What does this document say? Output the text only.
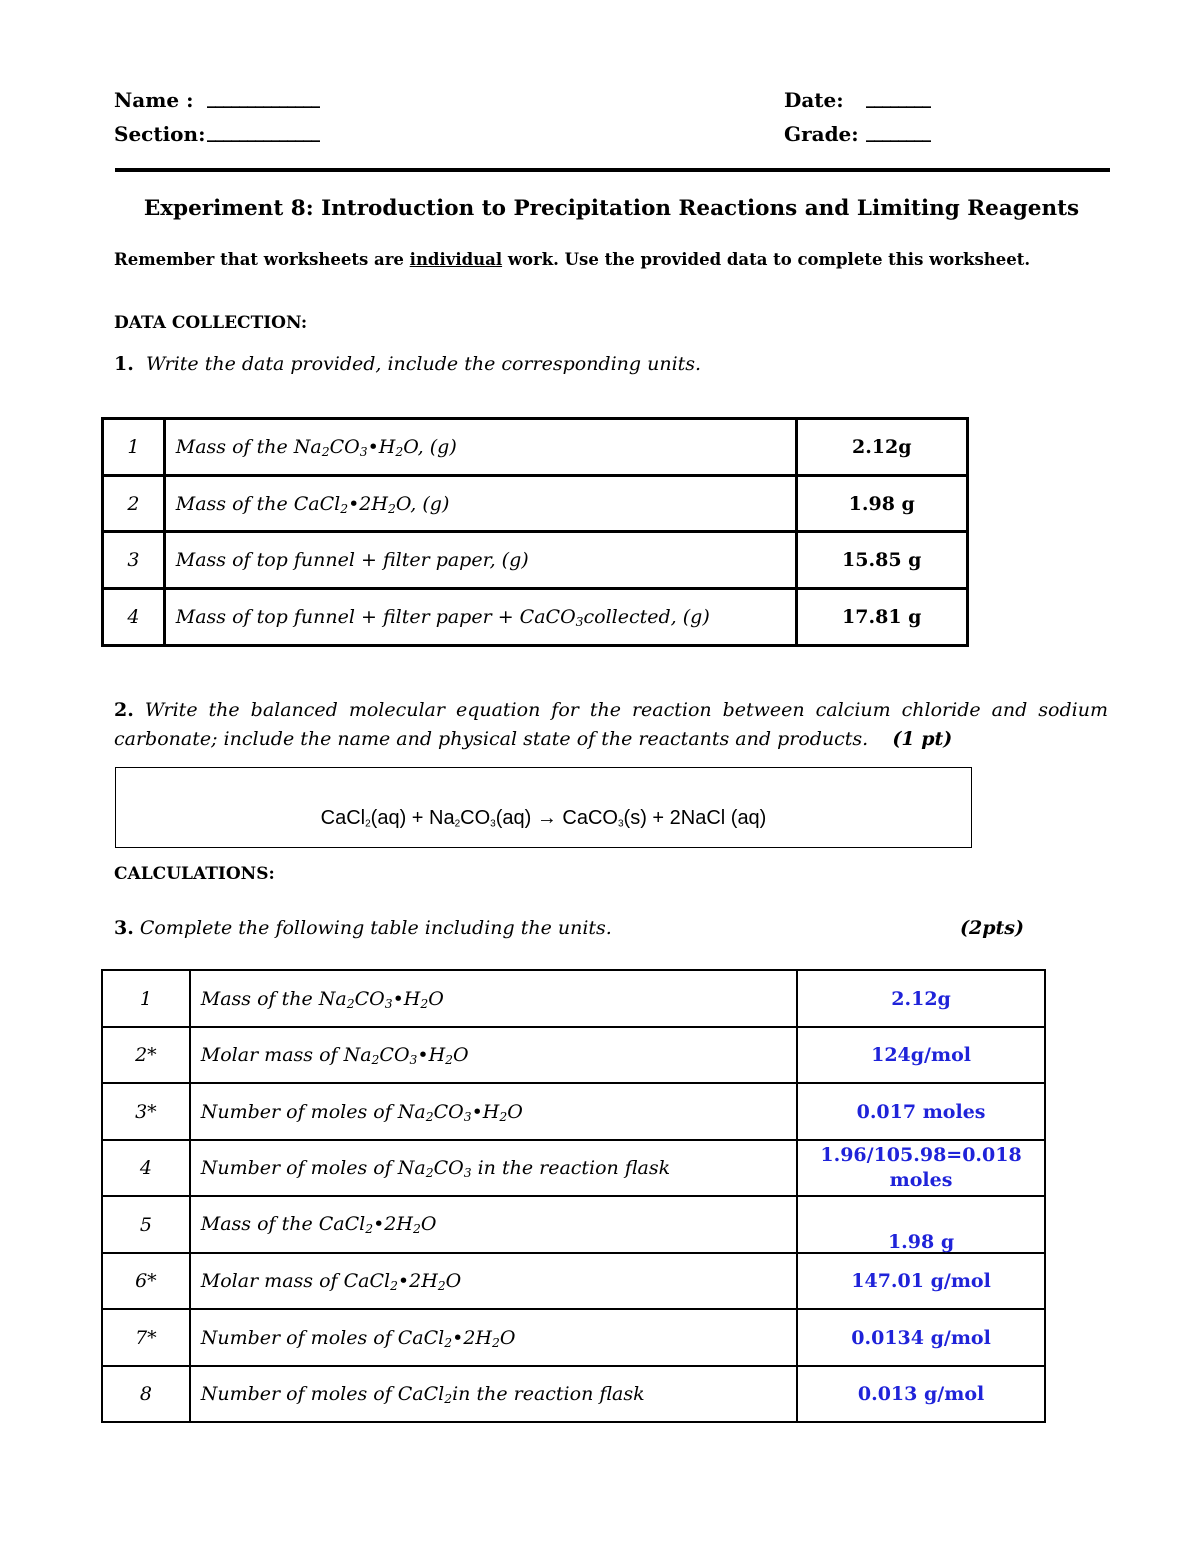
Name : ______________	Date: ________
Section: ______________	Grade: ________
Experiment 8: Introduction to Precipitation Reactions and Limiting Reagents
Remember that worksheets are individual work. Use the provided data to complete this worksheet.
DATA COLLECTION:
1. Write the data provided, include the corresponding units.
1	Mass of the $Na_2CO_3•H_2O$, (g)	2.12g
2	Mass of the $CaCl_2•2H_2O$, (g)	1.98 g
3	Mass of top funnel + filter paper, (g)	15.85 g
4	Mass of top funnel + filter paper + CaCO$_3$collected, (g)	17.81 g
2. Write the balanced molecular equation for the reaction between calcium chloride and sodium carbonate; include the name and physical state of the reactants and products. (1 pt)
CaCl$_2$(aq) + $Na_2CO_3(aq)$ → CaCO$_3$(s) + 2NaCl (aq)
CALCULATIONS:
3. Complete the following table including the units.	(2pts)
1	Mass of the $Na_2CO_3•H_2O$	2.12g
2*	Molar mass of $Na_2CO_3•H_2O$	124g/mol
3*	Number of moles of $Na_2CO_3•H_2O$	0.017 moles
4	Number of moles of $Na_2CO_3$ in the reaction flask	1.96/105.98=0.018 moles
5	Mass of the $CaCl_2•2H_2O$	1.98 g
6*	Molar mass of $CaCl_2•2H_2O$	147.01 g/mol
7*	Number of moles of $CaCl_2•2H_2O$	0.0134 g/mol
8	Number of moles of CaCl$_2$in the reaction flask	0.013 g/mol
